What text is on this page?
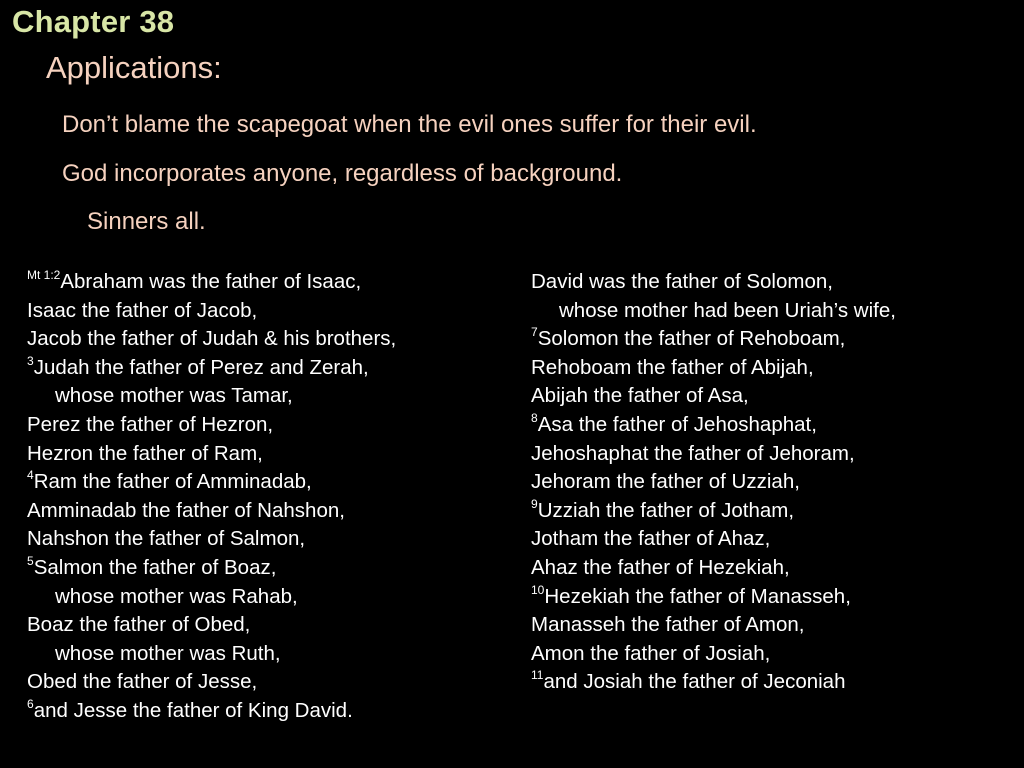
Chapter 38
Applications:
Don’t blame the scapegoat when the evil ones suffer for their evil.
God incorporates anyone, regardless of background.
Sinners all.
$^{Mt 1:2}$Abraham was the father of Isaac,
Isaac the father of Jacob,
Jacob the father of Judah & his brothers,
$^3$Judah the father of Perez and Zerah,
whose mother was Tamar,
Perez the father of Hezron,
Hezron the father of Ram,
$^4$Ram the father of Amminadab,
Amminadab the father of Nahshon,
Nahshon the father of Salmon,
$^5$Salmon the father of Boaz,
whose mother was Rahab,
Boaz the father of Obed,
whose mother was Ruth,
Obed the father of Jesse,
$^6$and Jesse the father of King David.
David was the father of Solomon,
whose mother had been Uriah’s wife,
$^7$Solomon the father of Rehoboam,
Rehoboam the father of Abijah,
Abijah the father of Asa,
$^8$Asa the father of Jehoshaphat,
Jehoshaphat the father of Jehoram,
Jehoram the father of Uzziah,
$^9$Uzziah the father of Jotham,
Jotham the father of Ahaz,
Ahaz the father of Hezekiah,
$^{10}$Hezekiah the father of Manasseh,
Manasseh the father of Amon,
Amon the father of Josiah,
$^{11}$and Josiah the father of Jeconiah
